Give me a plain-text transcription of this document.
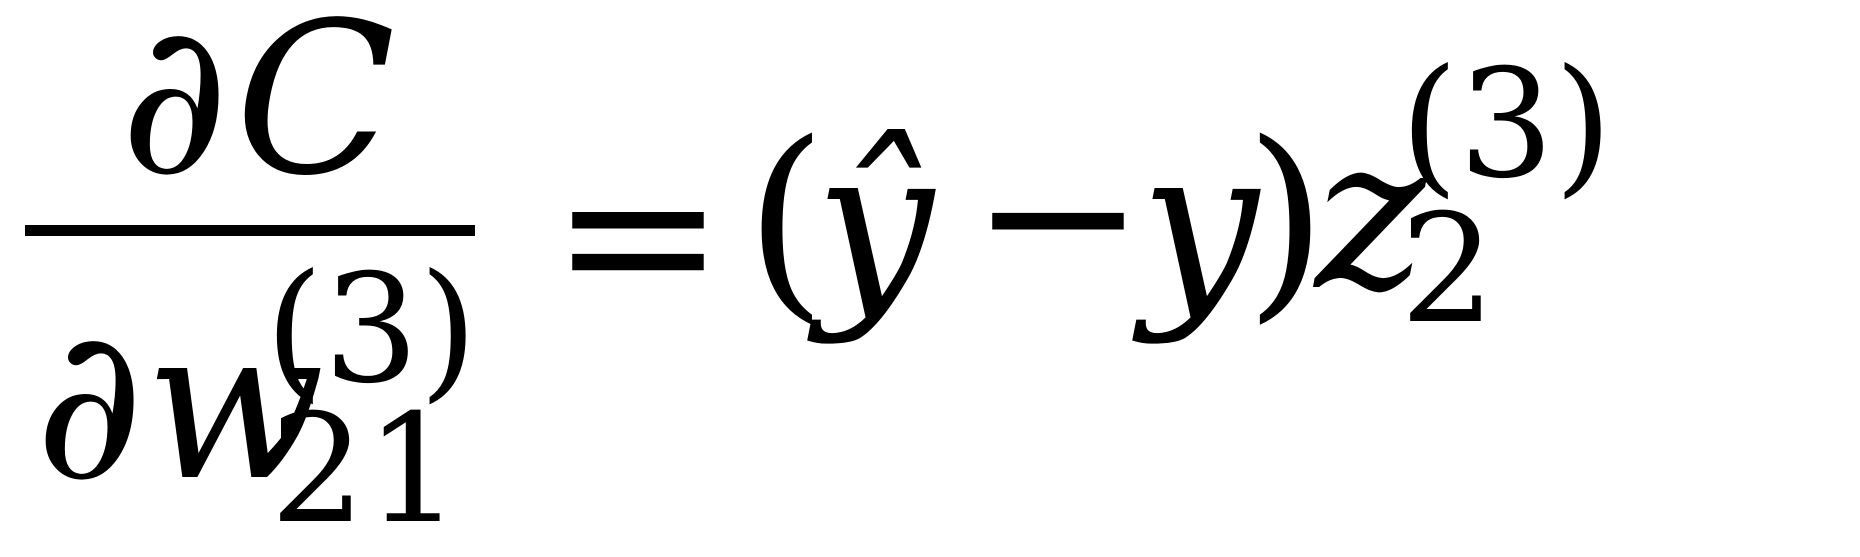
∂ C
∂ w
(3)
21
= (
ŷ −
y
)
z
(3)
2
